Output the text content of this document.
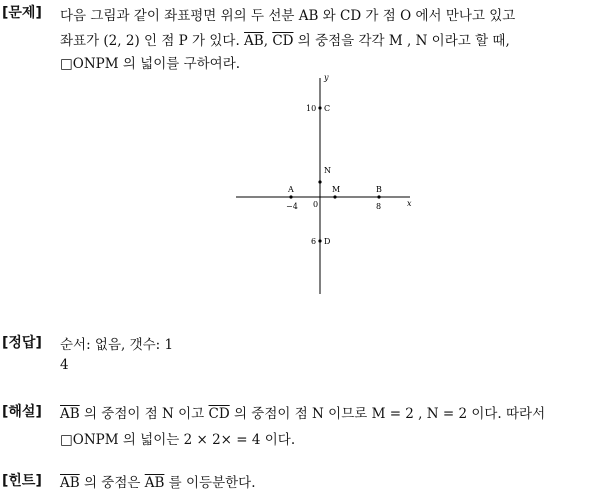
[문제] 다음 그림과 같이 좌표평면 위의 두 선분 AB 와 CD 가 점 O 에서 만나고 있고
좌표가 (2, 2) 인 점 P 가 있다. $\overline{AB}$, $\overline{CD}$ 의 중점을 각각 M , N 이라고 할 때,
□ONPM 의 넓이를 구하여라.
y
x
0
10 C
N
A
−4
M	B
8
6 D
[정답] 순서: 없음, 갯수: 1
4
[해설] $\overline{AB}$ 의 중점이 점 N 이고 $\overline{CD}$ 의 중점이 점 N 이므로 M = 2 , N = 2 이다. 따라서
□ONPM 의 넓이는 2 × 2× = 4 이다.
[힌트] $\overline{AB}$ 의 중점은 $\overline{AB}$ 를 이등분한다.
